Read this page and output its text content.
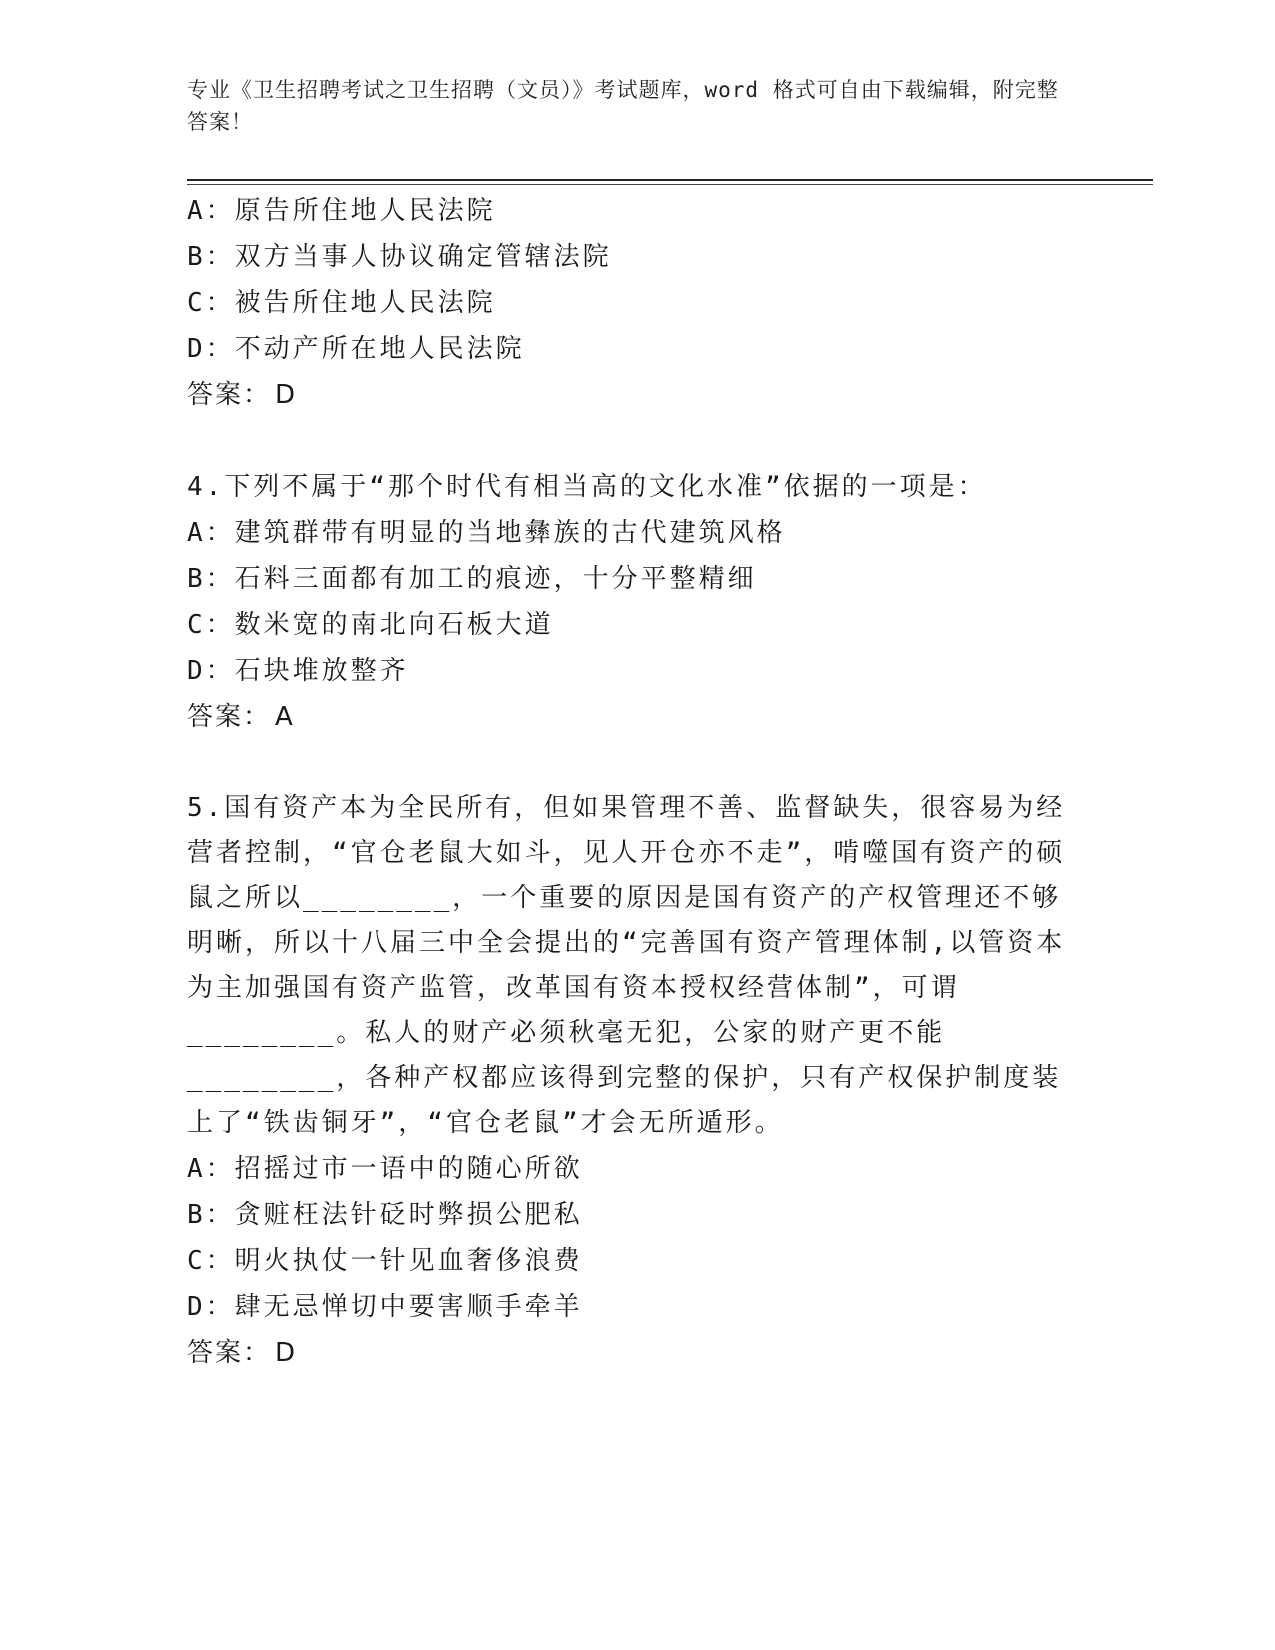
专业《卫生招聘考试之卫生招聘（文员）》考试题库，word 格式可自由下载编辑，附完整答案！
A：原告所住地人民法院
B：双方当事人协议确定管辖法院
C：被告所住地人民法院
D：不动产所在地人民法院
答案： D
4.下列不属于“那个时代有相当高的文化水准”依据的一项是：
A：建筑群带有明显的当地彝族的古代建筑风格
B：石料三面都有加工的痕迹，十分平整精细
C：数米宽的南北向石板大道
D：石块堆放整齐
答案： A
5.国有资产本为全民所有，但如果管理不善、监督缺失，很容易为经营者控制，“官仓老鼠大如斗，见人开仓亦不走”，啃噬国有资产的硕鼠之所以________，一个重要的原因是国有资产的产权管理还不够明晰，所以十八届三中全会提出的“完善国有资产管理体制,以管资本为主加强国有资产监管，改革国有资本授权经营体制”，可谓________。私人的财产必须秋毫无犯，公家的财产更不能________，各种产权都应该得到完整的保护，只有产权保护制度装上了“铁齿铜牙”，“官仓老鼠”才会无所遁形。
A：招摇过市一语中的随心所欲
B：贪赃枉法针砭时弊损公肥私
C：明火执仗一针见血奢侈浪费
D：肆无忌惮切中要害顺手牵羊
答案： D
